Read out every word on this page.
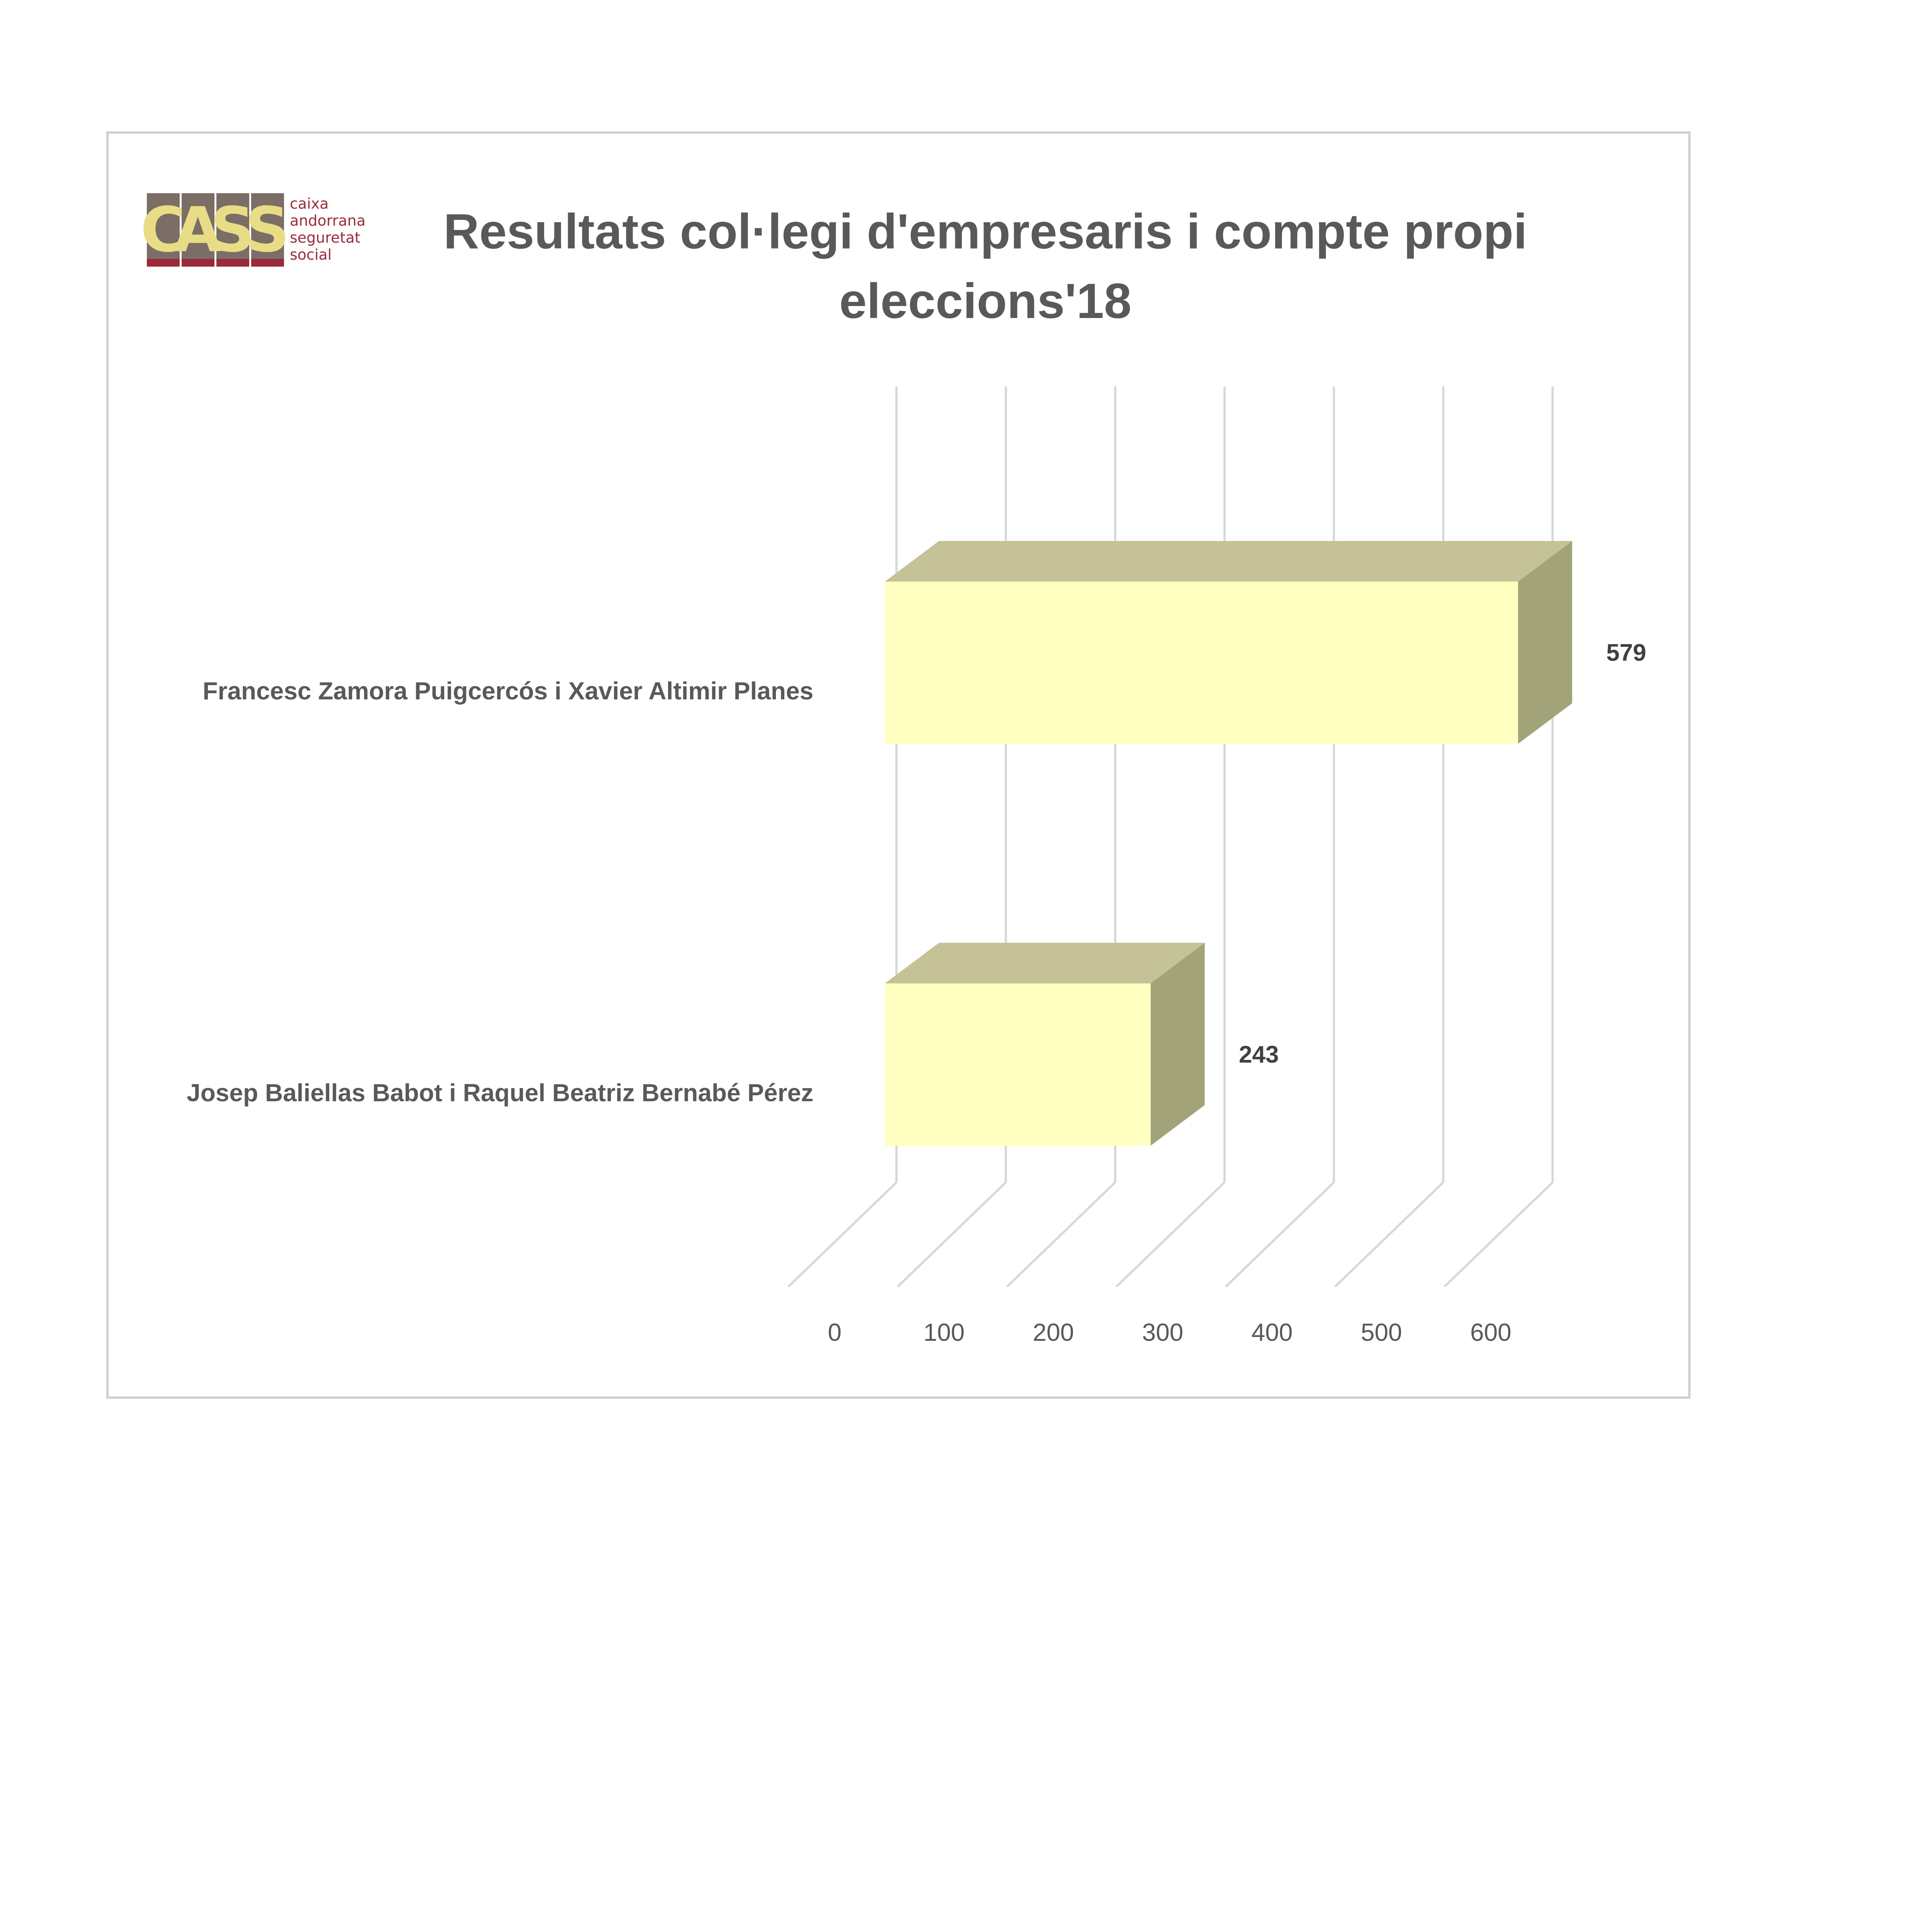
C
A
S
S caixa
andorrana
seguretat
social	Resultats col·legi d'empresaris i compte propi eleccions'18
0	100	200	300	400	500	600
579
Francesc Zamora Puigcercós i Xavier Altimir Planes
243
Josep Baliellas Babot i Raquel Beatriz Bernabé Pérez
